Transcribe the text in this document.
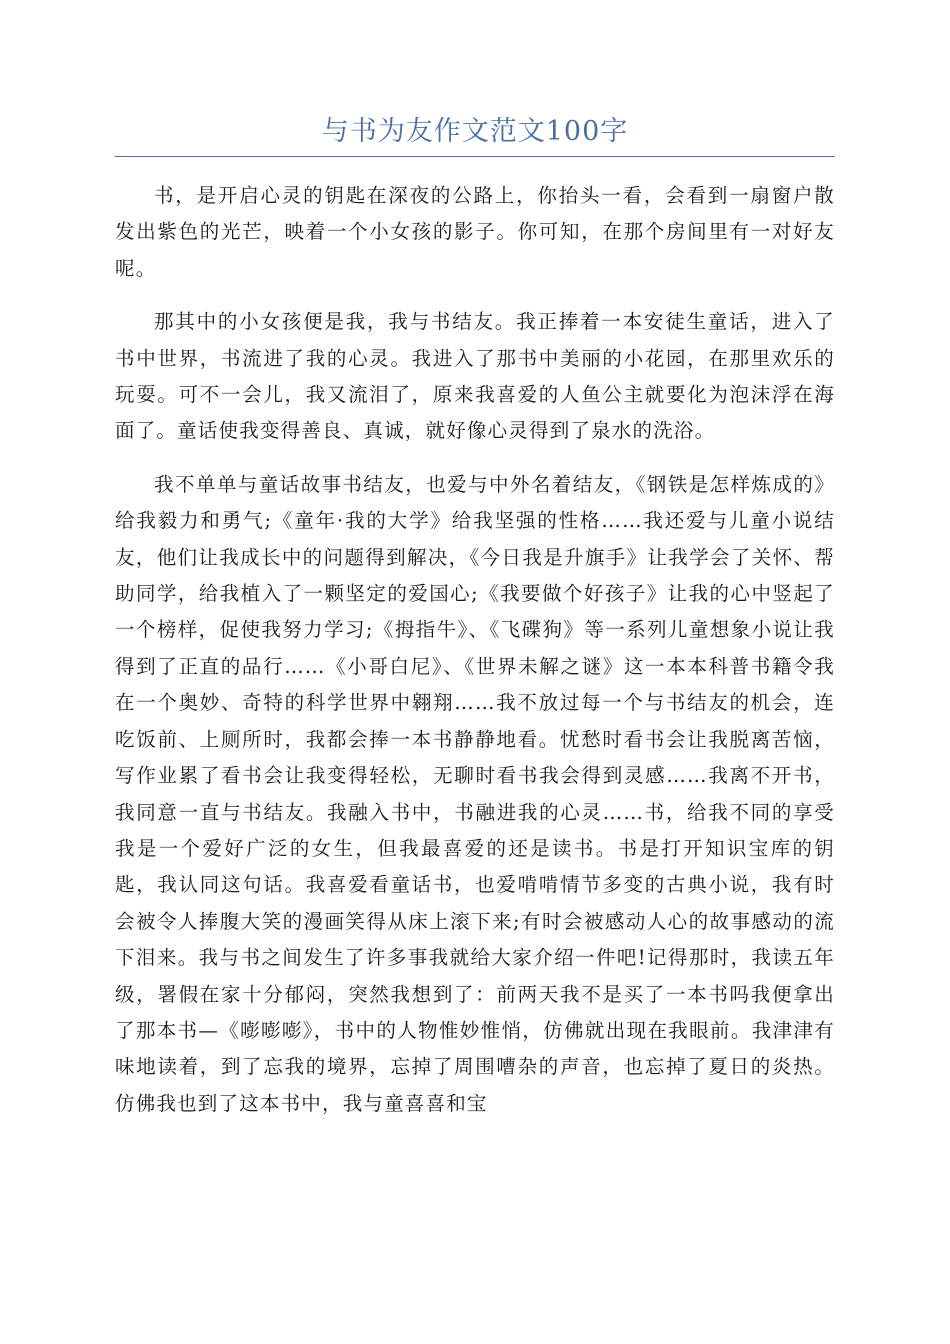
与书为友作文范文100字

书，是开启心灵的钥匙在深夜的公路上，你抬头一看，会看到一扇窗户散发出紫色的光芒，映着一个小女孩的影子。你可知，在那个房间里有一对好友呢。

那其中的小女孩便是我，我与书结友。我正捧着一本安徒生童话，进入了书中世界，书流进了我的心灵。我进入了那书中美丽的小花园，在那里欢乐的玩耍。可不一会儿，我又流泪了，原来我喜爱的人鱼公主就要化为泡沫浮在海面了。童话使我变得善良、真诚，就好像心灵得到了泉水的洗浴。

我不单单与童话故事书结友，也爱与中外名着结友，《钢铁是怎样炼成的》给我毅力和勇气;《童年·我的大学》给我坚强的性格……我还爱与儿童小说结友，他们让我成长中的问题得到解决，《今日我是升旗手》让我学会了关怀、帮助同学，给我植入了一颗坚定的爱国心;《我要做个好孩子》让我的心中竖起了一个榜样，促使我努力学习;《拇指牛》、《飞碟狗》等一系列儿童想象小说让我得到了正直的品行……《小哥白尼》、《世界未解之谜》这一本本科普书籍令我在一个奥妙、奇特的科学世界中翱翔……我不放过每一个与书结友的机会，连吃饭前、上厕所时，我都会捧一本书静静地看。忧愁时看书会让我脱离苦恼，写作业累了看书会让我变得轻松，无聊时看书我会得到灵感……我离不开书，我同意一直与书结友。我融入书中，书融进我的心灵……书，给我不同的享受我是一个爱好广泛的女生，但我最喜爱的还是读书。书是打开知识宝库的钥匙，我认同这句话。我喜爱看童话书，也爱啃啃情节多变的古典小说，我有时会被令人捧腹大笑的漫画笑得从床上滚下来;有时会被感动人心的故事感动的流下泪来。我与书之间发生了许多事我就给大家介绍一件吧!记得那时，我读五年级，署假在家十分郁闷，突然我想到了：前两天我不是买了一本书吗我便拿出了那本书—《嘭嘭嘭》，书中的人物惟妙惟悄，仿佛就出现在我眼前。我津津有味地读着，到了忘我的境界，忘掉了周围嘈杂的声音，也忘掉了夏日的炎热。仿佛我也到了这本书中，我与童喜喜和宝
